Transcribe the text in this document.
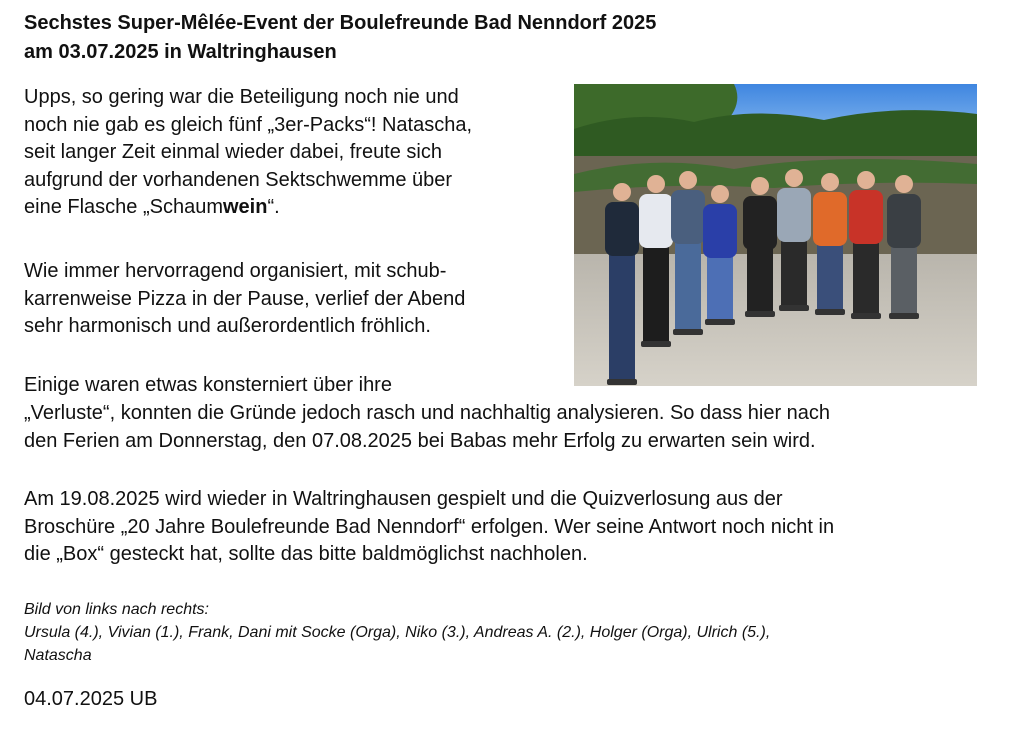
Sechstes Super-Mêlée-Event der Boulefreunde Bad Nenndorf 2025
am 03.07.2025 in Waltringhausen
Upps, so gering war die Beteiligung noch nie und
noch nie gab es gleich fünf „3er-Packs“! Natascha,
seit langer Zeit einmal wieder dabei, freute sich
aufgrund der vorhandenen Sektschwemme über
eine Flasche „Schaumwein“.
Wie immer hervorragend organisiert, mit schub-
karrenweise Pizza in der Pause, verlief der Abend
sehr harmonisch und außerordentlich fröhlich.
Einige waren etwas konsterniert über ihre
„Verluste“, konnten die Gründe jedoch rasch und nachhaltig analysieren. So dass hier nach
den Ferien am Donnerstag, den 07.08.2025 bei Babas mehr Erfolg zu erwarten sein wird.
Am 19.08.2025 wird wieder in Waltringhausen gespielt und die Quizverlosung aus der
Broschüre „20 Jahre Boulefreunde Bad Nenndorf“ erfolgen. Wer seine Antwort noch nicht in
die „Box“ gesteckt hat, sollte das bitte baldmöglichst nachholen.
Bild von links nach rechts:
Ursula (4.), Vivian (1.), Frank, Dani mit Socke (Orga), Niko (3.), Andreas A. (2.), Holger (Orga), Ulrich (5.),
Natascha
04.07.2025 UB
